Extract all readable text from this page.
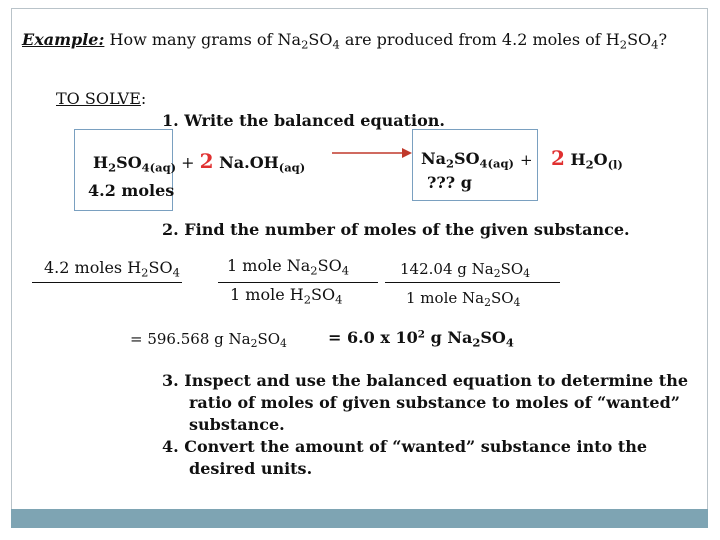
Example: How many grams of $Na_2SO_4$ are produced from 4.2 moles of $H_2SO_4$?
TO SOLVE:
1. Write the balanced equation.
$H_2SO_{4(aq)} + 2$ $Na.OH_{(aq)}$
4.2 moles
$Na_2SO_{4(aq)} + 2$ $H_2O_{(l)}$
??? g
2. Find the number of moles of the given substance.
4.2 moles $H_2SO_4$	1 mole $Na_2SO_4$
1 mole $H_2SO_4$
142.04 g $Na_2SO_4$
1 mole $Na_2SO_4$
= 596.568 g $Na_2SO_4$	= 6.0 x $10^2$ g $Na_2SO_4$
3. Inspect and use the balanced equation to determine the
ratio of moles of given substance to moles of “wanted”
substance.
4. Convert the amount of “wanted” substance into the
desired units.
